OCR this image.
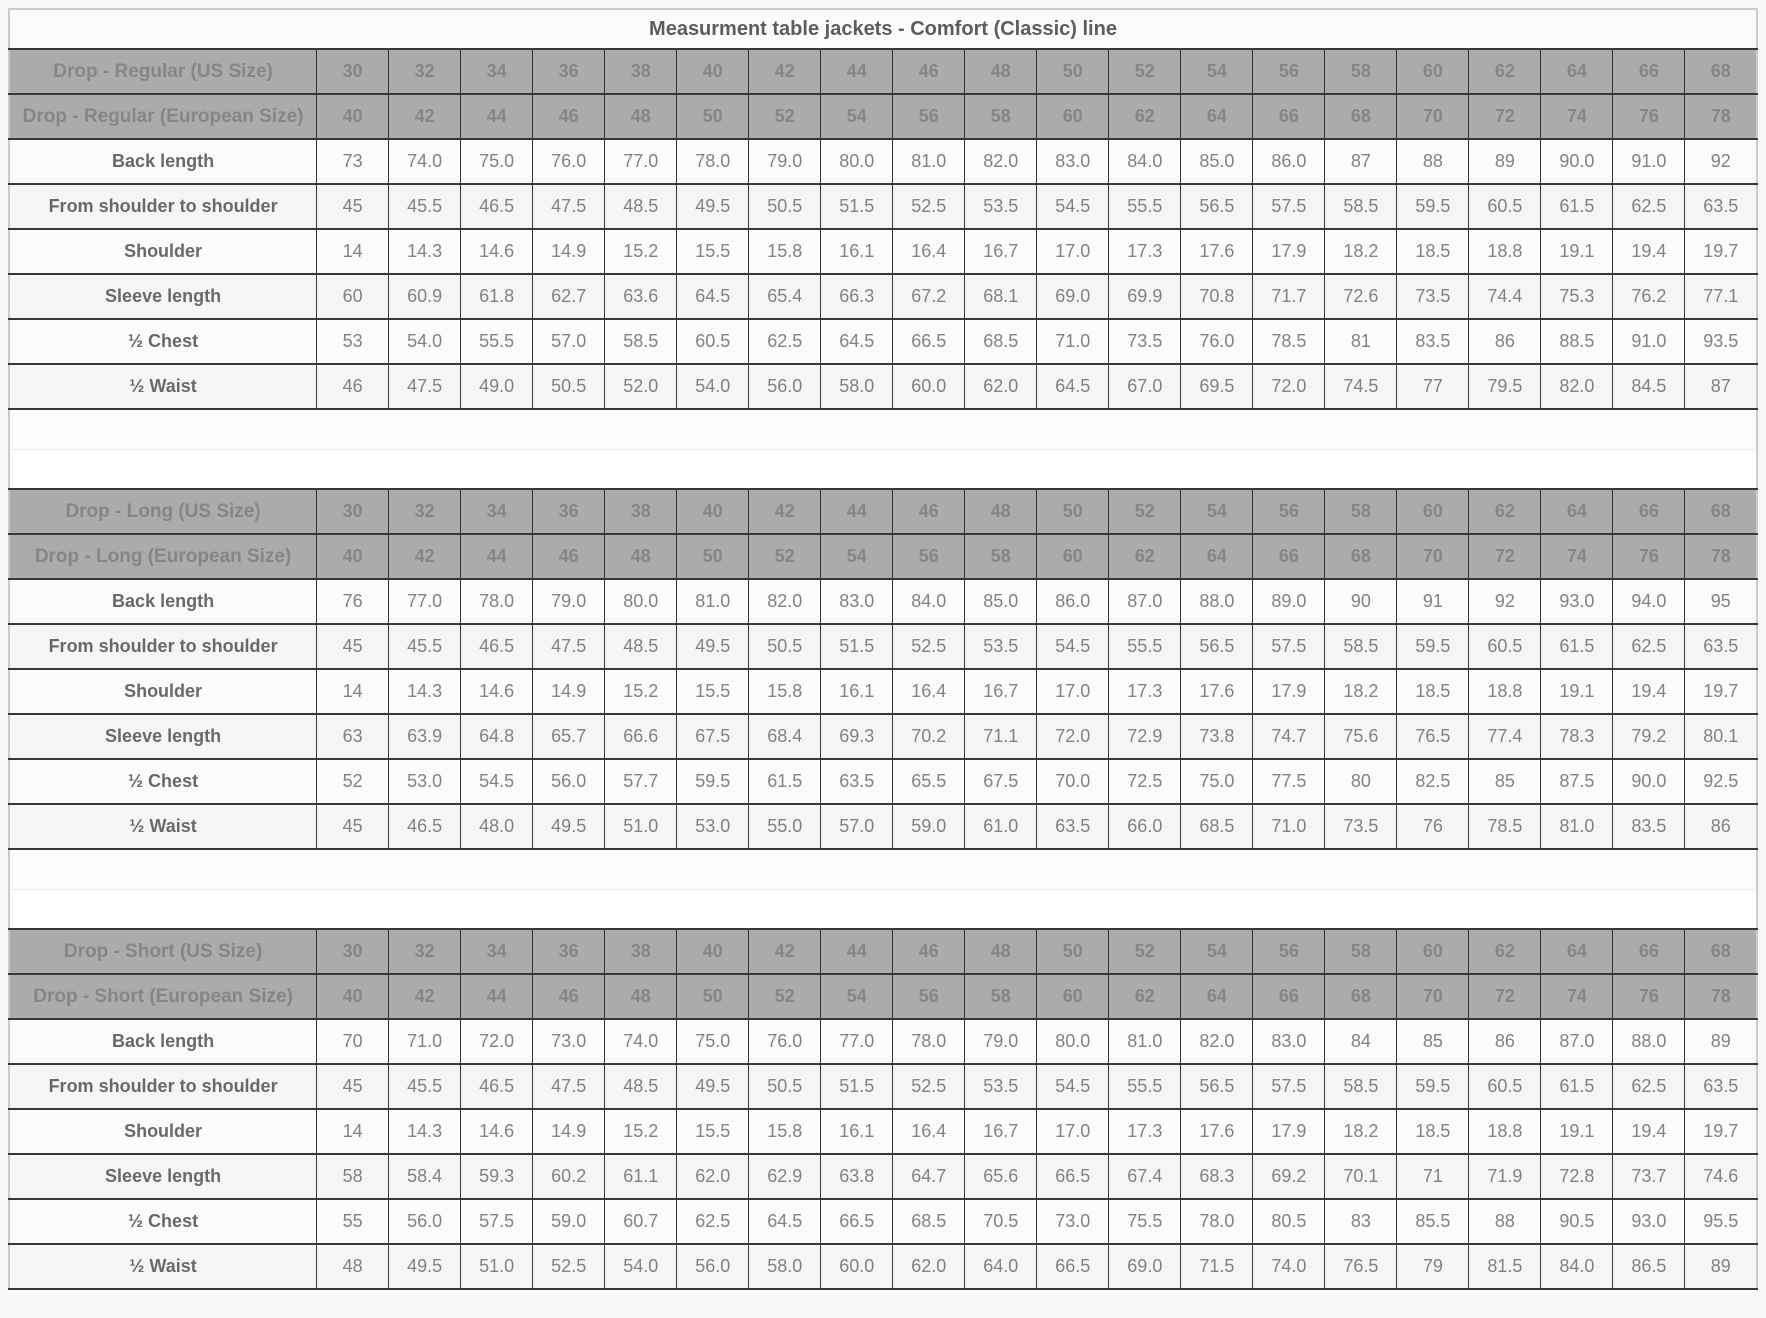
Measurment table jackets - Comfort (Classic) line																				
Drop - Regular (US Size)	30	32	34	36	38	40	42	44	46	48	50	52	54	56	58	60	62	64	66	68
Drop - Regular (European Size)	40	42	44	46	48	50	52	54	56	58	60	62	64	66	68	70	72	74	76	78
Back length	73	74.0	75.0	76.0	77.0	78.0	79.0	80.0	81.0	82.0	83.0	84.0	85.0	86.0	87	88	89	90.0	91.0	92
From shoulder to shoulder	45	45.5	46.5	47.5	48.5	49.5	50.5	51.5	52.5	53.5	54.5	55.5	56.5	57.5	58.5	59.5	60.5	61.5	62.5	63.5
Shoulder	14	14.3	14.6	14.9	15.2	15.5	15.8	16.1	16.4	16.7	17.0	17.3	17.6	17.9	18.2	18.5	18.8	19.1	19.4	19.7
Sleeve length	60	60.9	61.8	62.7	63.6	64.5	65.4	66.3	67.2	68.1	69.0	69.9	70.8	71.7	72.6	73.5	74.4	75.3	76.2	77.1
½ Chest	53	54.0	55.5	57.0	58.5	60.5	62.5	64.5	66.5	68.5	71.0	73.5	76.0	78.5	81	83.5	86	88.5	91.0	93.5
½ Waist	46	47.5	49.0	50.5	52.0	54.0	56.0	58.0	60.0	62.0	64.5	67.0	69.5	72.0	74.5	77	79.5	82.0	84.5	87

Drop - Long (US Size)	30	32	34	36	38	40	42	44	46	48	50	52	54	56	58	60	62	64	66	68
Drop - Long (European Size)	40	42	44	46	48	50	52	54	56	58	60	62	64	66	68	70	72	74	76	78
Back length	76	77.0	78.0	79.0	80.0	81.0	82.0	83.0	84.0	85.0	86.0	87.0	88.0	89.0	90	91	92	93.0	94.0	95
From shoulder to shoulder	45	45.5	46.5	47.5	48.5	49.5	50.5	51.5	52.5	53.5	54.5	55.5	56.5	57.5	58.5	59.5	60.5	61.5	62.5	63.5
Shoulder	14	14.3	14.6	14.9	15.2	15.5	15.8	16.1	16.4	16.7	17.0	17.3	17.6	17.9	18.2	18.5	18.8	19.1	19.4	19.7
Sleeve length	63	63.9	64.8	65.7	66.6	67.5	68.4	69.3	70.2	71.1	72.0	72.9	73.8	74.7	75.6	76.5	77.4	78.3	79.2	80.1
½ Chest	52	53.0	54.5	56.0	57.7	59.5	61.5	63.5	65.5	67.5	70.0	72.5	75.0	77.5	80	82.5	85	87.5	90.0	92.5
½ Waist	45	46.5	48.0	49.5	51.0	53.0	55.0	57.0	59.0	61.0	63.5	66.0	68.5	71.0	73.5	76	78.5	81.0	83.5	86

Drop - Short (US Size)	30	32	34	36	38	40	42	44	46	48	50	52	54	56	58	60	62	64	66	68
Drop - Short (European Size)	40	42	44	46	48	50	52	54	56	58	60	62	64	66	68	70	72	74	76	78
Back length	70	71.0	72.0	73.0	74.0	75.0	76.0	77.0	78.0	79.0	80.0	81.0	82.0	83.0	84	85	86	87.0	88.0	89
From shoulder to shoulder	45	45.5	46.5	47.5	48.5	49.5	50.5	51.5	52.5	53.5	54.5	55.5	56.5	57.5	58.5	59.5	60.5	61.5	62.5	63.5
Shoulder	14	14.3	14.6	14.9	15.2	15.5	15.8	16.1	16.4	16.7	17.0	17.3	17.6	17.9	18.2	18.5	18.8	19.1	19.4	19.7
Sleeve length	58	58.4	59.3	60.2	61.1	62.0	62.9	63.8	64.7	65.6	66.5	67.4	68.3	69.2	70.1	71	71.9	72.8	73.7	74.6
½ Chest	55	56.0	57.5	59.0	60.7	62.5	64.5	66.5	68.5	70.5	73.0	75.5	78.0	80.5	83	85.5	88	90.5	93.0	95.5
½ Waist	48	49.5	51.0	52.5	54.0	56.0	58.0	60.0	62.0	64.0	66.5	69.0	71.5	74.0	76.5	79	81.5	84.0	86.5	89
